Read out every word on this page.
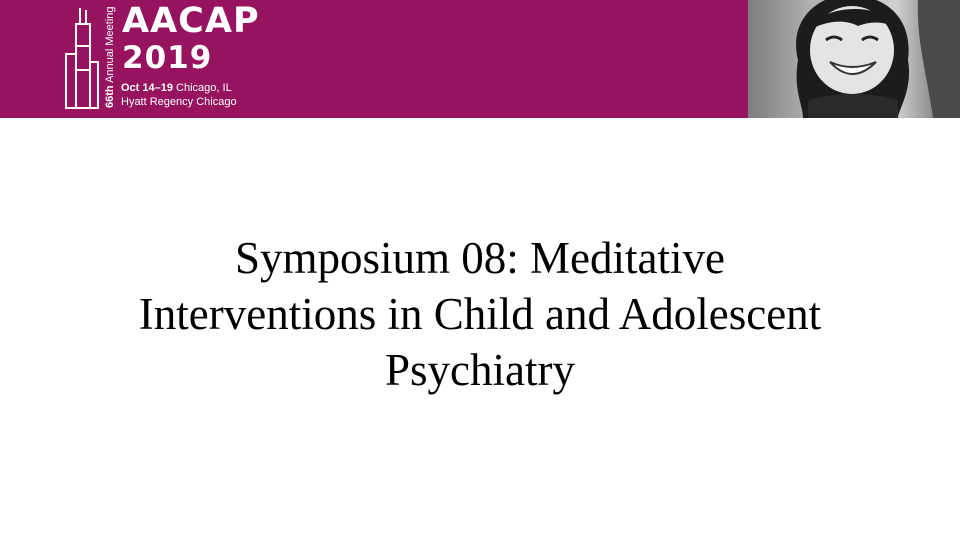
66th Annual Meeting AACAP
2019
Oct 14–19 Chicago, IL
Hyatt Regency Chicago
Symposium 08: Meditative
Interventions in Child and Adolescent
Psychiatry
